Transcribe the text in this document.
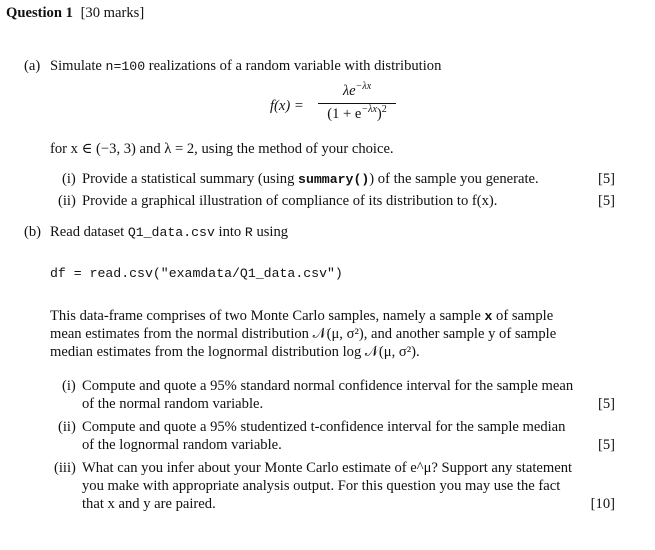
Question 1 [30 marks]
(a) Simulate n=100 realizations of a random variable with distribution
f(x) =
$\lambda e^{-\lambda x}$
$(1 + e^{-\lambda x})^2$
for x ∈ (−3, 3) and λ = 2, using the method of your choice.
(i) Provide a statistical summary (using summary()) of the sample you generate.	[5]
(ii) Provide a graphical illustration of compliance of its distribution to f(x).	[5]
(b) Read dataset Q1_data.csv into R using
df = read.csv("examdata/Q1_data.csv")
This data-frame comprises of two Monte Carlo samples, namely a sample x of sample
mean estimates from the normal distribution 𝒩(μ, σ²), and another sample y of sample
median estimates from the lognormal distribution log 𝒩(μ, σ²).
(i) Compute and quote a 95% standard normal confidence interval for the sample mean
of the normal random variable.	[5]
(ii) Compute and quote a 95% studentized t-confidence interval for the sample median
of the lognormal random variable.	[5]
(iii) What can you infer about your Monte Carlo estimate of e^μ? Support any statement
you make with appropriate analysis output. For this question you may use the fact
that x and y are paired.	[10]
